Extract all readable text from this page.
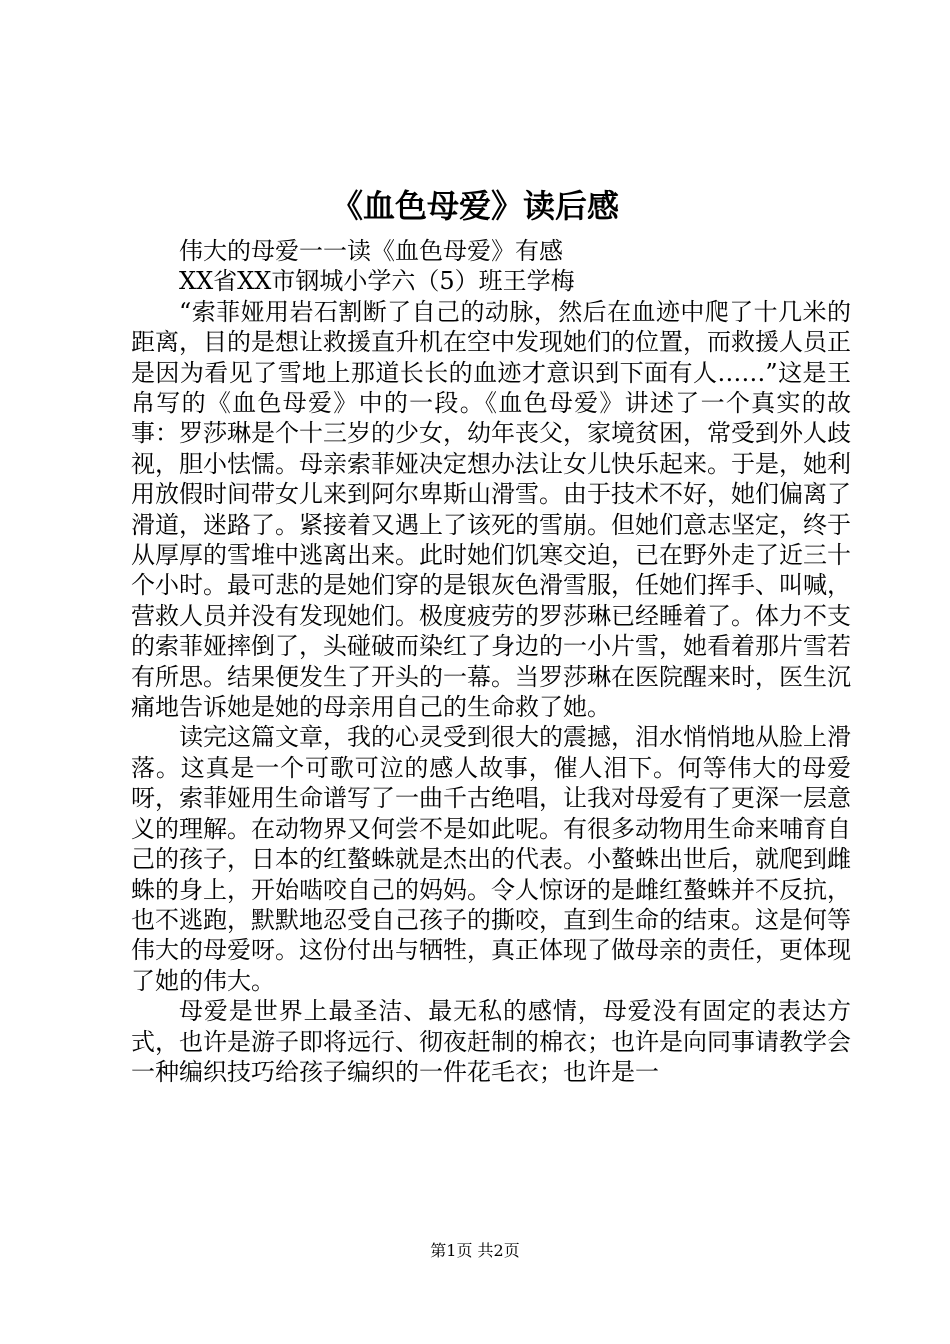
《血色母爱》读后感

伟大的母爱一一读《血色母爱》有感

XX省XX市钢城小学六（5）班王学梅

“索菲娅用岩石割断了自己的动脉，然后在血迹中爬了十几米的距离，目的是想让救援直升机在空中发现她们的位置，而救援人员正是因为看见了雪地上那道长长的血迹才意识到下面有人……”这是王帛写的《血色母爱》中的一段。《血色母爱》讲述了一个真实的故事：罗莎琳是个十三岁的少女，幼年丧父，家境贫困，常受到外人歧视，胆小怯懦。母亲索菲娅决定想办法让女儿快乐起来。于是，她利用放假时间带女儿来到阿尔卑斯山滑雪。由于技术不好，她们偏离了滑道，迷路了。紧接着又遇上了该死的雪崩。但她们意志坚定，终于从厚厚的雪堆中逃离出来。此时她们饥寒交迫，已在野外走了近三十个小时。最可悲的是她们穿的是银灰色滑雪服，任她们挥手、叫喊，营救人员并没有发现她们。极度疲劳的罗莎琳已经睡着了。体力不支的索菲娅摔倒了，头碰破而染红了身边的一小片雪，她看着那片雪若有所思。结果便发生了开头的一幕。当罗莎琳在医院醒来时，医生沉痛地告诉她是她的母亲用自己的生命救了她。

读完这篇文章，我的心灵受到很大的震撼，泪水悄悄地从脸上滑落。这真是一个可歌可泣的感人故事，催人泪下。何等伟大的母爱呀，索菲娅用生命谱写了一曲千古绝唱，让我对母爱有了更深一层意义的理解。在动物界又何尝不是如此呢。有很多动物用生命来哺育自己的孩子，日本的红螯蛛就是杰出的代表。小螯蛛出世后，就爬到雌蛛的身上，开始啮咬自己的妈妈。令人惊讶的是雌红螯蛛并不反抗，也不逃跑，默默地忍受自己孩子的撕咬，直到生命的结束。这是何等伟大的母爱呀。这份付出与牺牲，真正体现了做母亲的责任，更体现了她的伟大。

母爱是世界上最圣洁、最无私的感情，母爱没有固定的表达方式，也许是游子即将远行、彻夜赶制的棉衣；也许是向同事请教学会一种编织技巧给孩子编织的一件花毛衣；也许是一

第1页 共2页
